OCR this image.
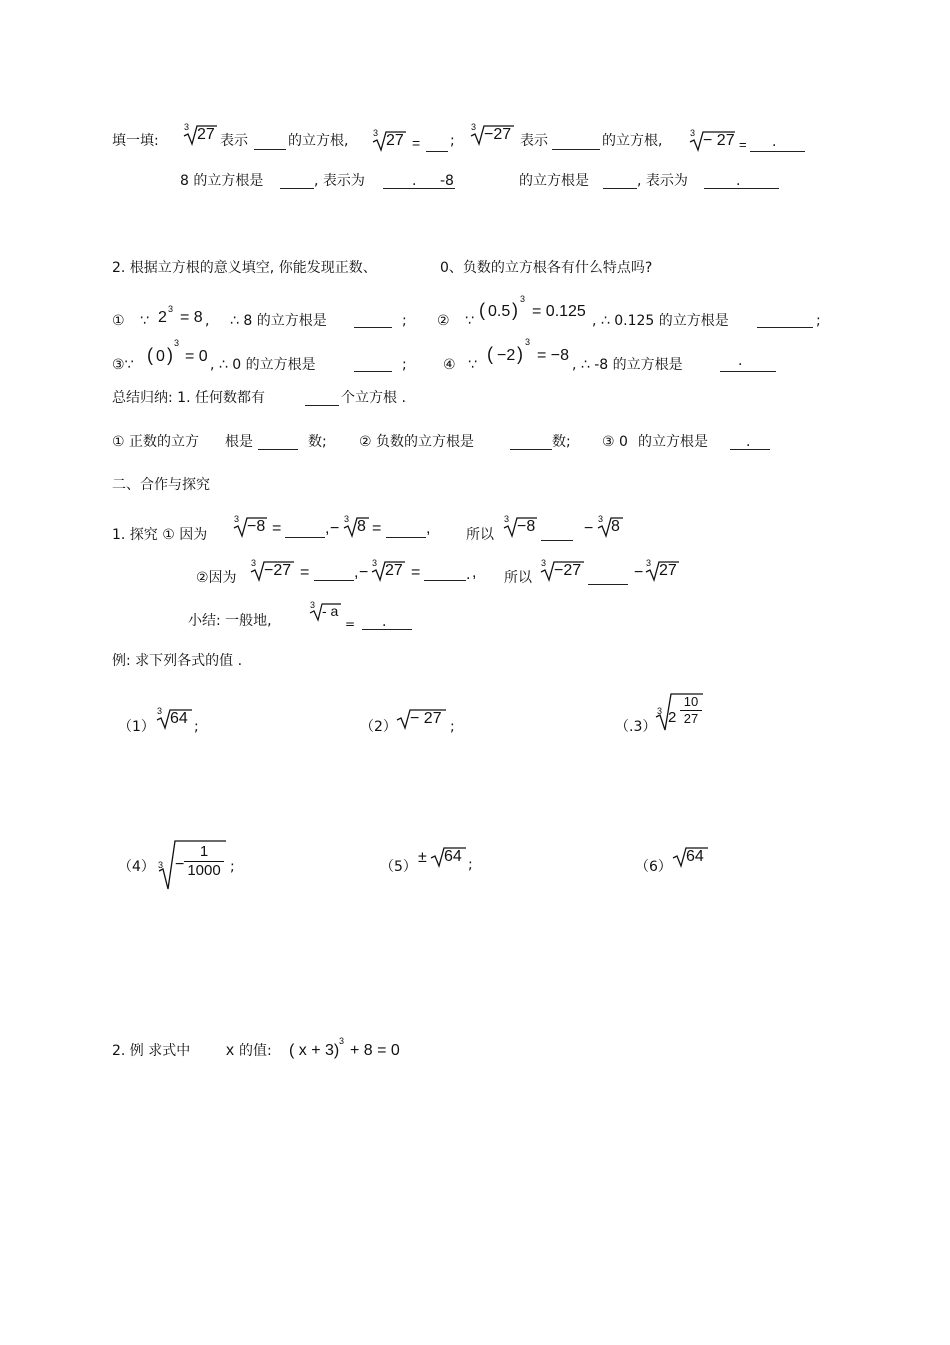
填一填:
3 27 表示	的立方根,	3 27 = ;
3 −27 表示	的立方根,	3 − 27 = .
8 的立方根是	, 表示为	. -8	的立方根是	, 表示为	.
2. 根据立方根的意义填空, 你能发现正数、	0、负数的立方根各有什么特点吗?
① ∵ 2 3 = 8 , ∴ 8 的立方根是	; ② ∵
( 0.5 )
3
= 0.125
, ∴ 0.125 的立方根是	;
③∵ ( 0 )
3
= 0 , ∴ 0 的立方根是	;	④ ∵
( −2 )
3
= −8
, ∴ -8 的立方根是	.
总结归纳: 1. 任何数都有	个立方根 .
① 正数的立方 根是	数; ② 负数的立方根是	数; ③ 0 的立方根是	.
二、合作与探究
1. 探究 ① 因为
3 −8 =	, −
3 8 =	,	所以
3 −8	−
3 8
②因为
3 −27 =	, −
3 27 =	. , 所以
3 −27	−
3 27
小结: 一般地,
3 - a
= .
例: 求下列各式的值 .
（1）
3 64 ;	（2） − 27 ;	（.3）
3 2
10
27
（4） 3 −
1
1000 ;	（5）
± 64 ;	（6）
64
2. 例 求式中 x 的值: ( x + 3)
3
+ 8 = 0
